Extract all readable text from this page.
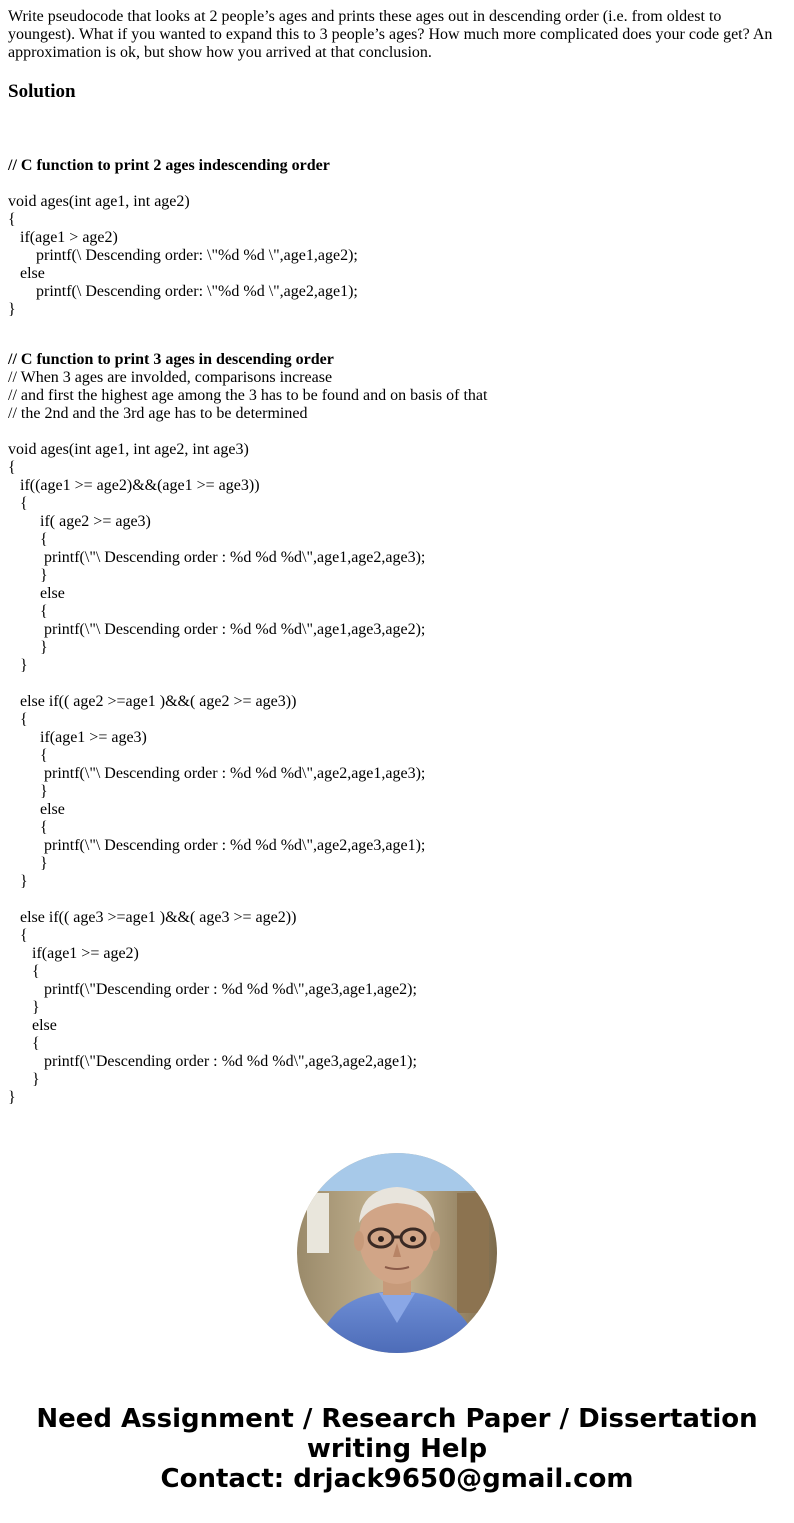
Write pseudocode that looks at 2 people’s ages and prints these ages out in descending order (i.e. from oldest to youngest). What if you wanted to expand this to 3 people’s ages? How much more complicated does your code get? An approximation is ok, but show how you arrived at that conclusion.
Solution

// C function to print 2 ages indescending order

void ages(int age1, int age2)
{
if(age1 > age2)
printf(\ Descending order: \"%d %d \",age1,age2);
else
printf(\ Descending order: \"%d %d \",age2,age1);
}

// C function to print 3 ages in descending order
// When 3 ages are involded, comparisons increase
// and first the highest age among the 3 has to be found and on basis of that
// the 2nd and the 3rd age has to be determined

void ages(int age1, int age2, int age3)
{
if((age1 >= age2)&&(age1 >= age3))
{
if( age2 >= age3)
{
printf(\"\ Descending order : %d %d %d\",age1,age2,age3);
}
else
{
printf(\"\ Descending order : %d %d %d\",age1,age3,age2);
}
}

else if(( age2 >=age1 )&&( age2 >= age3))
{
if(age1 >= age3)
{
printf(\"\ Descending order : %d %d %d\",age2,age1,age3);
}
else
{
printf(\"\ Descending order : %d %d %d\",age2,age3,age1);
}
}

else if(( age3 >=age1 )&&( age3 >= age2))
{
if(age1 >= age2)
{
printf(\"Descending order : %d %d %d\",age3,age1,age2);
}
else
{
printf(\"Descending order : %d %d %d\",age3,age2,age1);
}
}

Need Assignment / Research Paper / Dissertation
writing Help
Contact: drjack9650@gmail.com
